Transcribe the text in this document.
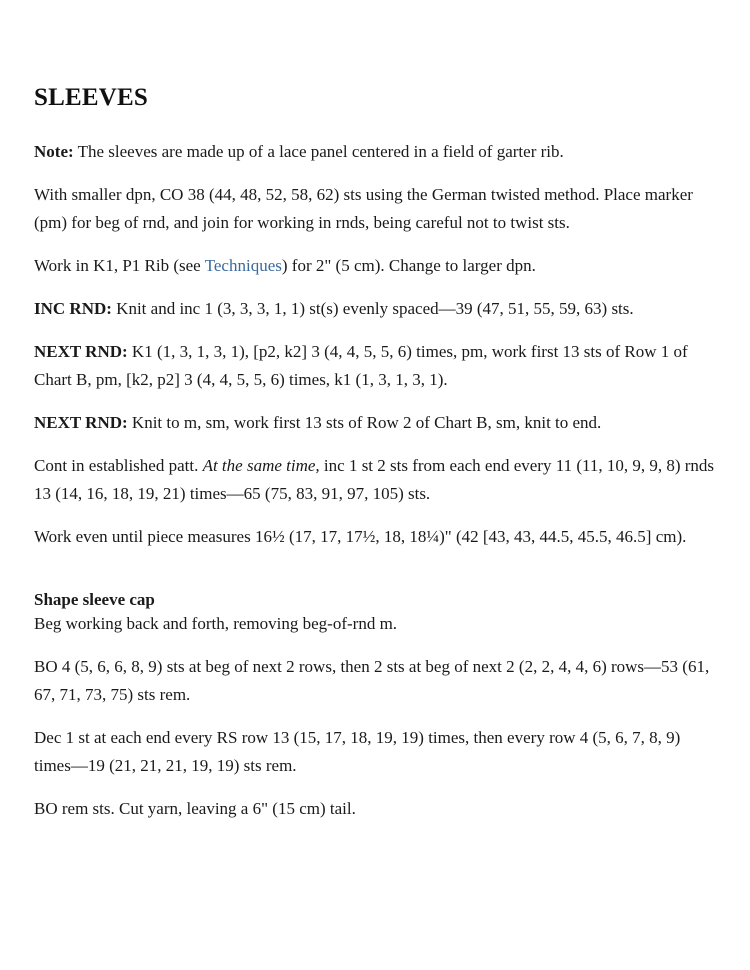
SLEEVES

Note: The sleeves are made up of a lace panel centered in a field of garter rib.

With smaller dpn, CO 38 (44, 48, 52, 58, 62) sts using the German twisted method. Place marker (pm) for beg of rnd, and join for working in rnds, being careful not to twist sts.

Work in K1, P1 Rib (see Techniques) for 2" (5 cm). Change to larger dpn.

INC RND: Knit and inc 1 (3, 3, 3, 1, 1) st(s) evenly spaced—39 (47, 51, 55, 59, 63) sts.

NEXT RND: K1 (1, 3, 1, 3, 1), [p2, k2] 3 (4, 4, 5, 5, 6) times, pm, work first 13 sts of Row 1 of Chart B, pm, [k2, p2] 3 (4, 4, 5, 5, 6) times, k1 (1, 3, 1, 3, 1).

NEXT RND: Knit to m, sm, work first 13 sts of Row 2 of Chart B, sm, knit to end.

Cont in established patt. At the same time, inc 1 st 2 sts from each end every 11 (11, 10, 9, 9, 8) rnds 13 (14, 16, 18, 19, 21) times—65 (75, 83, 91, 97, 105) sts.

Work even until piece measures 16½ (17, 17, 17½, 18, 18¼)" (42 [43, 43, 44.5, 45.5, 46.5] cm).

Shape sleeve cap

Beg working back and forth, removing beg-of-rnd m.

BO 4 (5, 6, 6, 8, 9) sts at beg of next 2 rows, then 2 sts at beg of next 2 (2, 2, 4, 4, 6) rows—53 (61, 67, 71, 73, 75) sts rem.

Dec 1 st at each end every RS row 13 (15, 17, 18, 19, 19) times, then every row 4 (5, 6, 7, 8, 9) times—19 (21, 21, 21, 19, 19) sts rem.

BO rem sts. Cut yarn, leaving a 6" (15 cm) tail.
